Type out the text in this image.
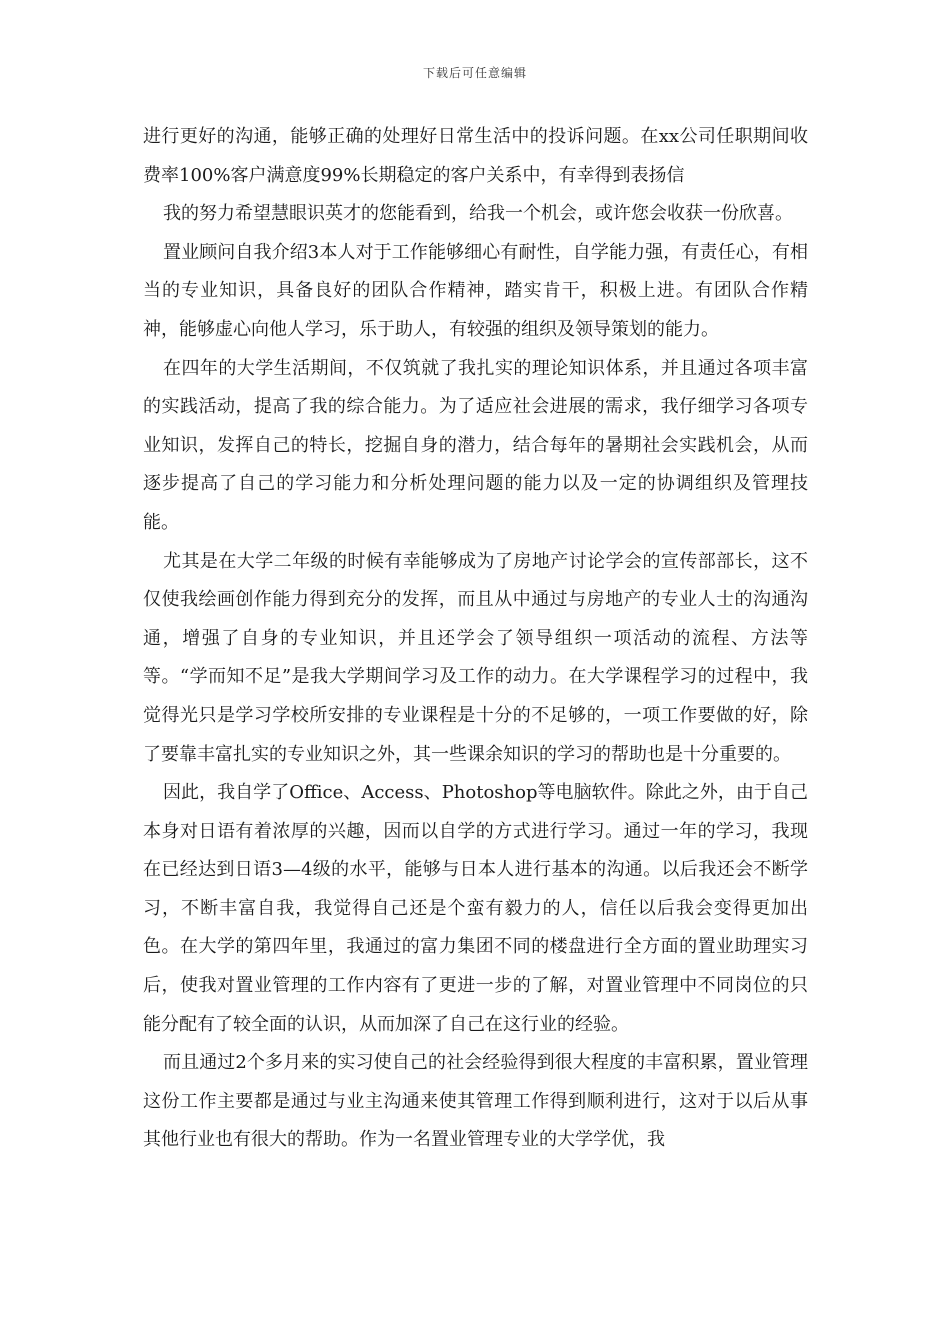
下载后可任意编辑

进行更好的沟通，能够正确的处理好日常生活中的投诉问题。在xx公司任职期间收费率100%客户满意度99%长期稳定的客户关系中，有幸得到表扬信

我的努力希望慧眼识英才的您能看到，给我一个机会，或许您会收获一份欣喜。

置业顾问自我介绍3本人对于工作能够细心有耐性，自学能力强，有责任心，有相当的专业知识，具备良好的团队合作精神，踏实肯干，积极上进。有团队合作精神，能够虚心向他人学习，乐于助人，有较强的组织及领导策划的能力。

在四年的大学生活期间，不仅筑就了我扎实的理论知识体系，并且通过各项丰富的实践活动，提高了我的综合能力。为了适应社会进展的需求，我仔细学习各项专业知识，发挥自己的特长，挖掘自身的潜力，结合每年的暑期社会实践机会，从而逐步提高了自己的学习能力和分析处理问题的能力以及一定的协调组织及管理技能。

尤其是在大学二年级的时候有幸能够成为了房地产讨论学会的宣传部部长，这不仅使我绘画创作能力得到充分的发挥，而且从中通过与房地产的专业人士的沟通沟通，增强了自身的专业知识，并且还学会了领导组织一项活动的流程、方法等等。“学而知不足”是我大学期间学习及工作的动力。在大学课程学习的过程中，我觉得光只是学习学校所安排的专业课程是十分的不足够的，一项工作要做的好，除了要靠丰富扎实的专业知识之外，其一些课余知识的学习的帮助也是十分重要的。

因此，我自学了Office、Access、Photoshop等电脑软件。除此之外，由于自己本身对日语有着浓厚的兴趣，因而以自学的方式进行学习。通过一年的学习，我现在已经达到日语3—4级的水平，能够与日本人进行基本的沟通。以后我还会不断学习，不断丰富自我，我觉得自己还是个蛮有毅力的人，信任以后我会变得更加出色。在大学的第四年里，我通过的富力集团不同的楼盘进行全方面的置业助理实习后，使我对置业管理的工作内容有了更进一步的了解，对置业管理中不同岗位的只能分配有了较全面的认识，从而加深了自己在这行业的经验。

而且通过2个多月来的实习使自己的社会经验得到很大程度的丰富积累，置业管理这份工作主要都是通过与业主沟通来使其管理工作得到顺利进行，这对于以后从事其他行业也有很大的帮助。作为一名置业管理专业的大学学优，我
